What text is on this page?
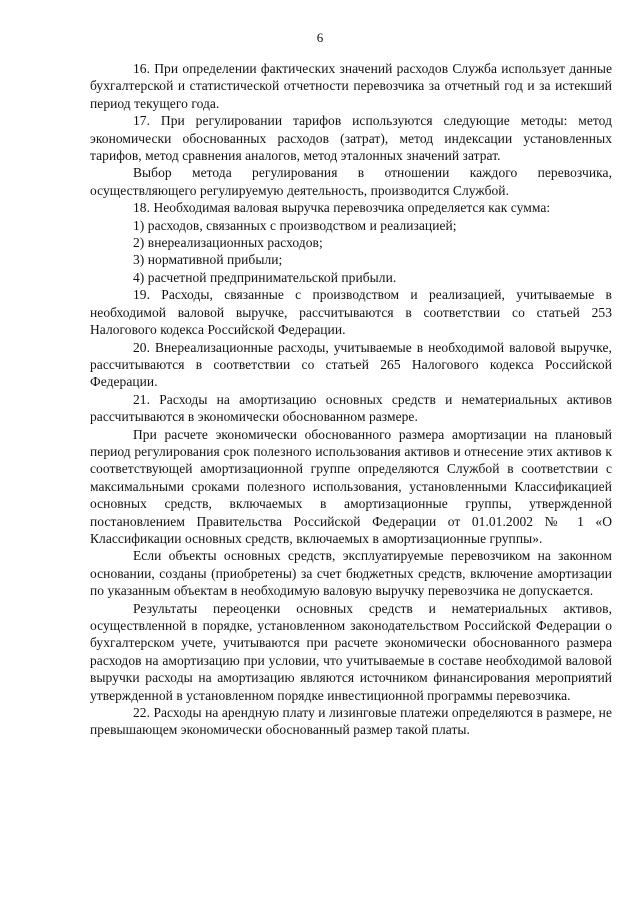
6

16. При определении фактических значений расходов Служба использует данные бухгалтерской и статистической отчетности перевозчика за отчетный год и за истекший период текущего года.

17. При регулировании тарифов используются следующие методы: метод экономически обоснованных расходов (затрат), метод индексации установленных тарифов, метод сравнения аналогов, метод эталонных значений затрат.

Выбор метода регулирования в отношении каждого перевозчика, осуществляющего регулируемую деятельность, производится Службой.

18. Необходимая валовая выручка перевозчика определяется как сумма:

1) расходов, связанных с производством и реализацией;

2) внереализационных расходов;

3) нормативной прибыли;

4) расчетной предпринимательской прибыли.

19. Расходы, связанные с производством и реализацией, учитываемые в необходимой валовой выручке, рассчитываются в соответствии со статьей 253 Налогового кодекса Российской Федерации.

20. Внереализационные расходы, учитываемые в необходимой валовой выручке, рассчитываются в соответствии со статьей 265 Налогового кодекса Российской Федерации.

21. Расходы на амортизацию основных средств и нематериальных активов рассчитываются в экономически обоснованном размере.

При расчете экономически обоснованного размера амортизации на плановый период регулирования срок полезного использования активов и отнесение этих активов к соответствующей амортизационной группе определяются Службой в соответствии с максимальными сроками полезного использования, установленными Классификацией основных средств, включаемых в амортизационные группы, утвержденной постановлением Правительства Российской Федерации от 01.01.2002 № 1 «О Классификации основных средств, включаемых в амортизационные группы».

Если объекты основных средств, эксплуатируемые перевозчиком на законном основании, созданы (приобретены) за счет бюджетных средств, включение амортизации по указанным объектам в необходимую валовую выручку перевозчика не допускается.

Результаты переоценки основных средств и нематериальных активов, осуществленной в порядке, установленном законодательством Российской Федерации о бухгалтерском учете, учитываются при расчете экономически обоснованного размера расходов на амортизацию при условии, что учитываемые в составе необходимой валовой выручки расходы на амортизацию являются источником финансирования мероприятий утвержденной в установленном порядке инвестиционной программы перевозчика.

22. Расходы на арендную плату и лизинговые платежи определяются в размере, не превышающем экономически обоснованный размер такой платы.
